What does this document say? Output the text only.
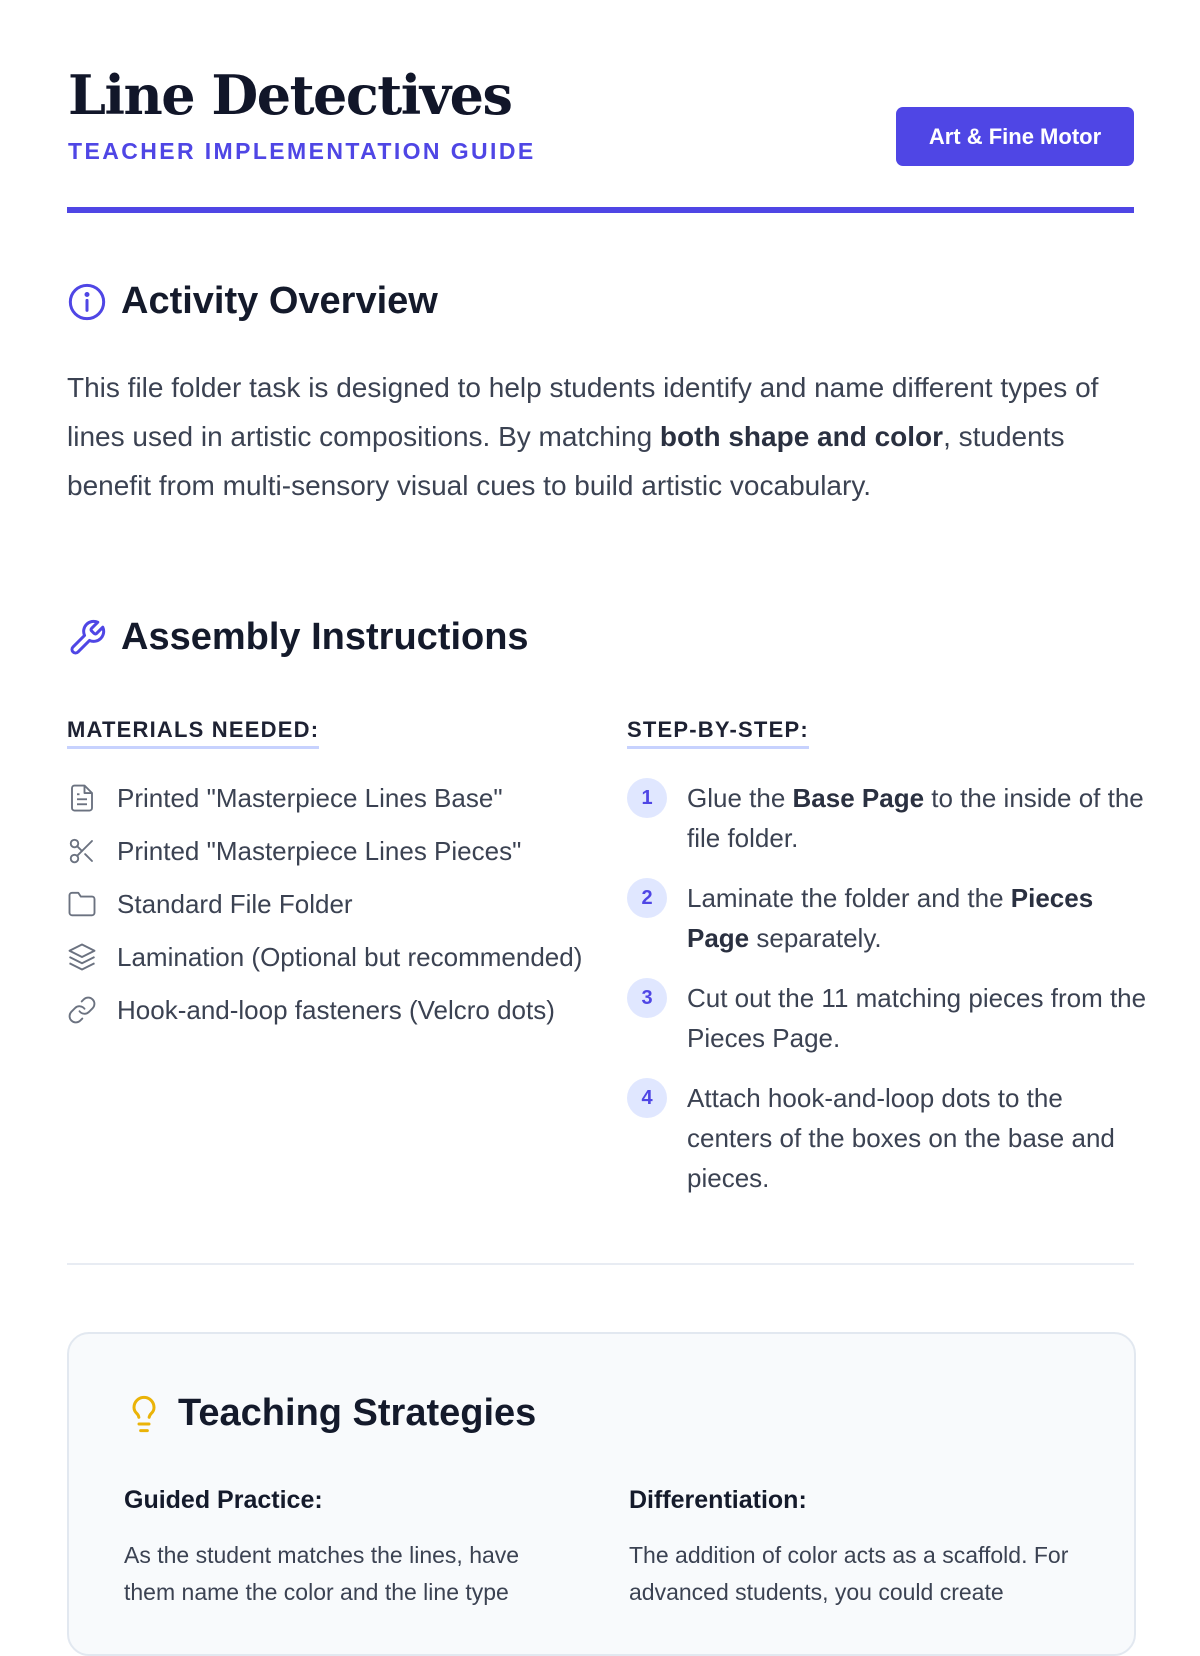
Line Detectives
TEACHER IMPLEMENTATION GUIDE
Art & Fine Motor
Activity Overview

This file folder task is designed to help students identify and name different types of lines used in artistic compositions. By matching both shape and color, students benefit from multi-sensory visual cues to build artistic vocabulary.

Assembly Instructions
MATERIALS NEEDED:	STEP-BY-STEP:
Printed "Masterpiece Lines Base"
Printed "Masterpiece Lines Pieces"
Standard File Folder
Lamination (Optional but recommended)
Hook-and-loop fasteners (Velcro dots)
1	Glue the Base Page to the inside of the file folder.
2	Laminate the folder and the Pieces Page separately.
3	Cut out the 11 matching pieces from the Pieces Page.
4	Attach hook-and-loop dots to the centers of the boxes on the base and pieces.
Teaching Strategies
Guided Practice:

As the student matches the lines, have them name the color and the line type

Differentiation:

The addition of color acts as a scaffold. For advanced students, you could create
